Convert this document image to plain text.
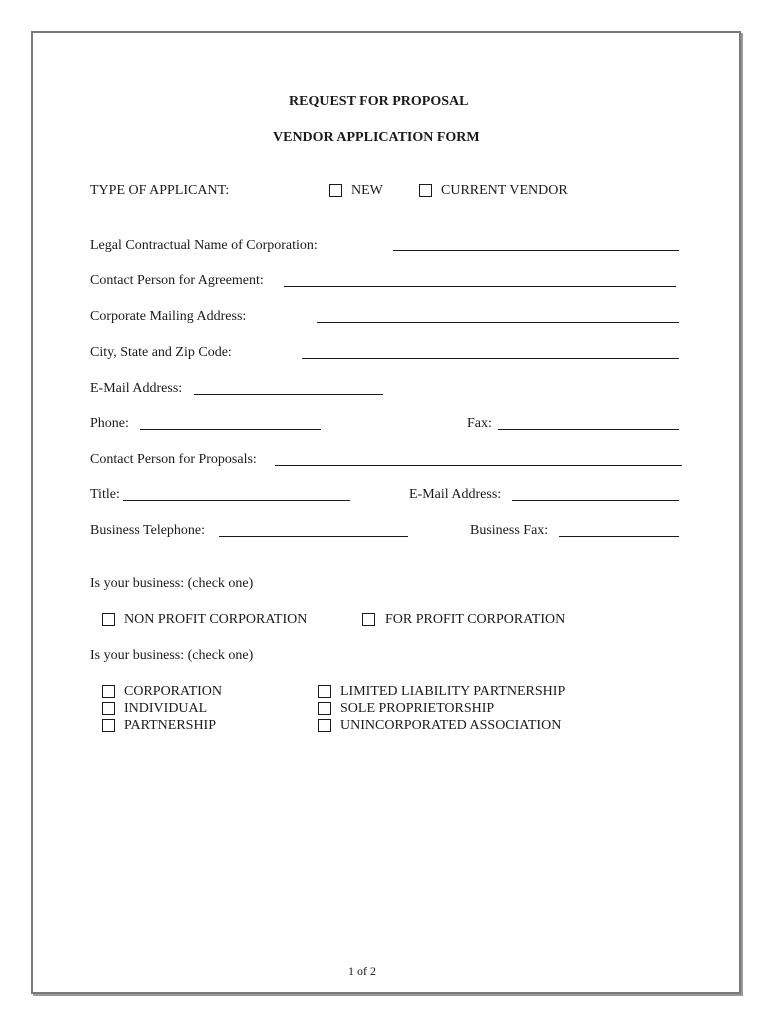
REQUEST FOR PROPOSAL
VENDOR APPLICATION FORM
TYPE OF APPLICANT:	NEW	CURRENT VENDOR
Legal Contractual Name of Corporation:
Contact Person for Agreement:
Corporate Mailing Address:
City, State and Zip Code:
E-Mail Address:
Phone:	Fax:
Contact Person for Proposals:
Title:	E-Mail Address:
Business Telephone:	Business Fax:
Is your business: (check one)
NON PROFIT CORPORATION	FOR PROFIT CORPORATION
Is your business: (check one)
CORPORATION
INDIVIDUAL
PARTNERSHIP
LIMITED LIABILITY PARTNERSHIP
SOLE PROPRIETORSHIP
UNINCORPORATED ASSOCIATION
1 of 2
